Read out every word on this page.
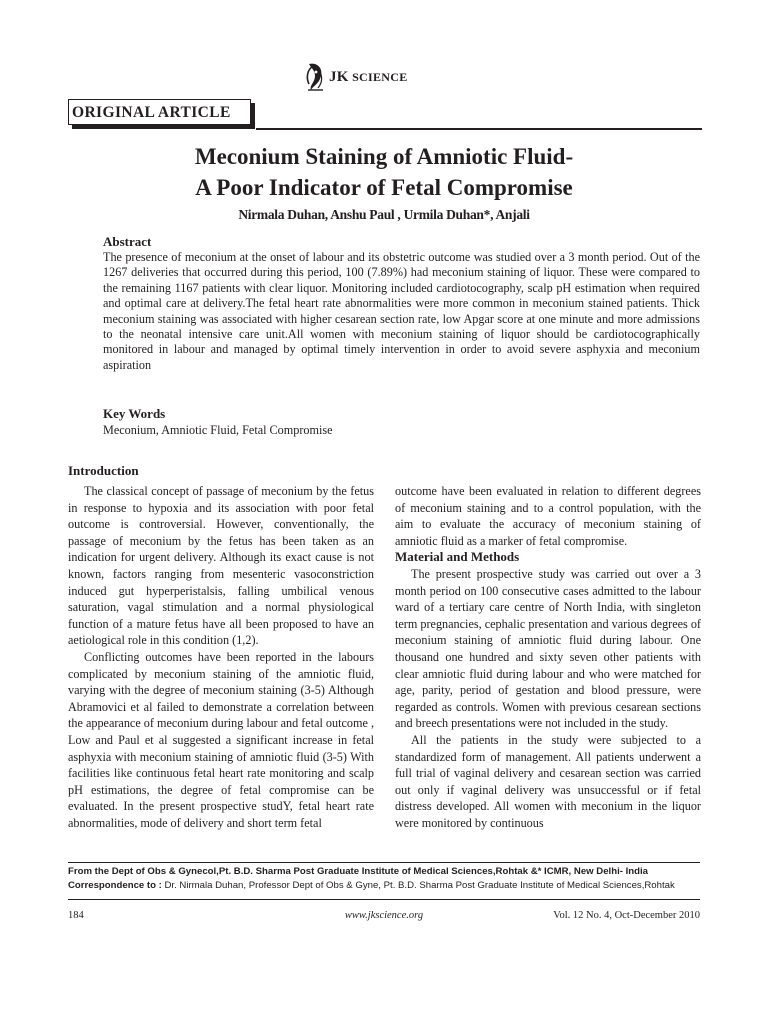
JK SCIENCE
ORIGINAL ARTICLE
Meconium Staining of Amniotic Fluid-
A Poor Indicator of Fetal Compromise
Nirmala Duhan, Anshu Paul , Urmila Duhan*, Anjali
Abstract
The presence of meconium at the onset of labour and its obstetric outcome was studied over a 3 month period. Out of the 1267 deliveries that occurred during this period, 100 (7.89%) had meconium staining of liquor. These were compared to the remaining 1167 patients with clear liquor. Monitoring included cardiotocography, scalp pH estimation when required and optimal care at delivery.The fetal heart rate abnormalities were more common in meconium stained patients. Thick meconium staining was associated with higher cesarean section rate, low Apgar score at one minute and more admissions to the neonatal intensive care unit.All women with meconium staining of liquor should be cardiotocographically monitored in labour and managed by optimal timely intervention in order to avoid severe asphyxia and meconium aspiration
Key Words
Meconium, Amniotic Fluid, Fetal Compromise
Introduction

The classical concept of passage of meconium by the fetus in response to hypoxia and its association with poor fetal outcome is controversial. However, conventionally, the passage of meconium by the fetus has been taken as an indication for urgent delivery. Although its exact cause is not known, factors ranging from mesenteric vasoconstriction induced gut hyperperistalsis, falling umbilical venous saturation, vagal stimulation and a normal physiological function of a mature fetus have all been proposed to have an aetiological role in this condition (1,2).

Conflicting outcomes have been reported in the labours complicated by meconium staining of the amniotic fluid, varying with the degree of meconium staining (3-5) Although Abramovici et al failed to demonstrate a correlation between the appearance of meconium during labour and fetal outcome , Low and Paul et al suggested a significant increase in fetal asphyxia with meconium staining of amniotic fluid (3-5) With facilities like continuous fetal heart rate monitoring and scalp pH estimations, the degree of fetal compromise can be evaluated. In the present prospective studY, fetal heart rate abnormalities, mode of delivery and short term fetal

outcome have been evaluated in relation to different degrees of meconium staining and to a control population, with the aim to evaluate the accuracy of meconium staining of amniotic fluid as a marker of fetal compromise.

Material and Methods

The present prospective study was carried out over a 3 month period on 100 consecutive cases admitted to the labour ward of a tertiary care centre of North India, with singleton term pregnancies, cephalic presentation and various degrees of meconium staining of amniotic fluid during labour. One thousand one hundred and sixty seven other patients with clear amniotic fluid during labour and who were matched for age, parity, period of gestation and blood pressure, were regarded as controls. Women with previous cesarean sections and breech presentations were not included in the study.

All the patients in the study were subjected to a standardized form of management. All patients underwent a full trial of vaginal delivery and cesarean section was carried out only if vaginal delivery was unsuccessful or if fetal distress developed. All women with meconium in the liquor were monitored by continuous

From the Dept of Obs & Gynecol,Pt. B.D. Sharma Post Graduate Institute of Medical Sciences,Rohtak &* ICMR, New Delhi- India
Correspondence to : Dr. Nirmala Duhan, Professor Dept of Obs & Gyne, Pt. B.D. Sharma Post Graduate Institute of Medical Sciences,Rohtak
184	www.jkscience.org	Vol. 12 No. 4, Oct-December 2010
